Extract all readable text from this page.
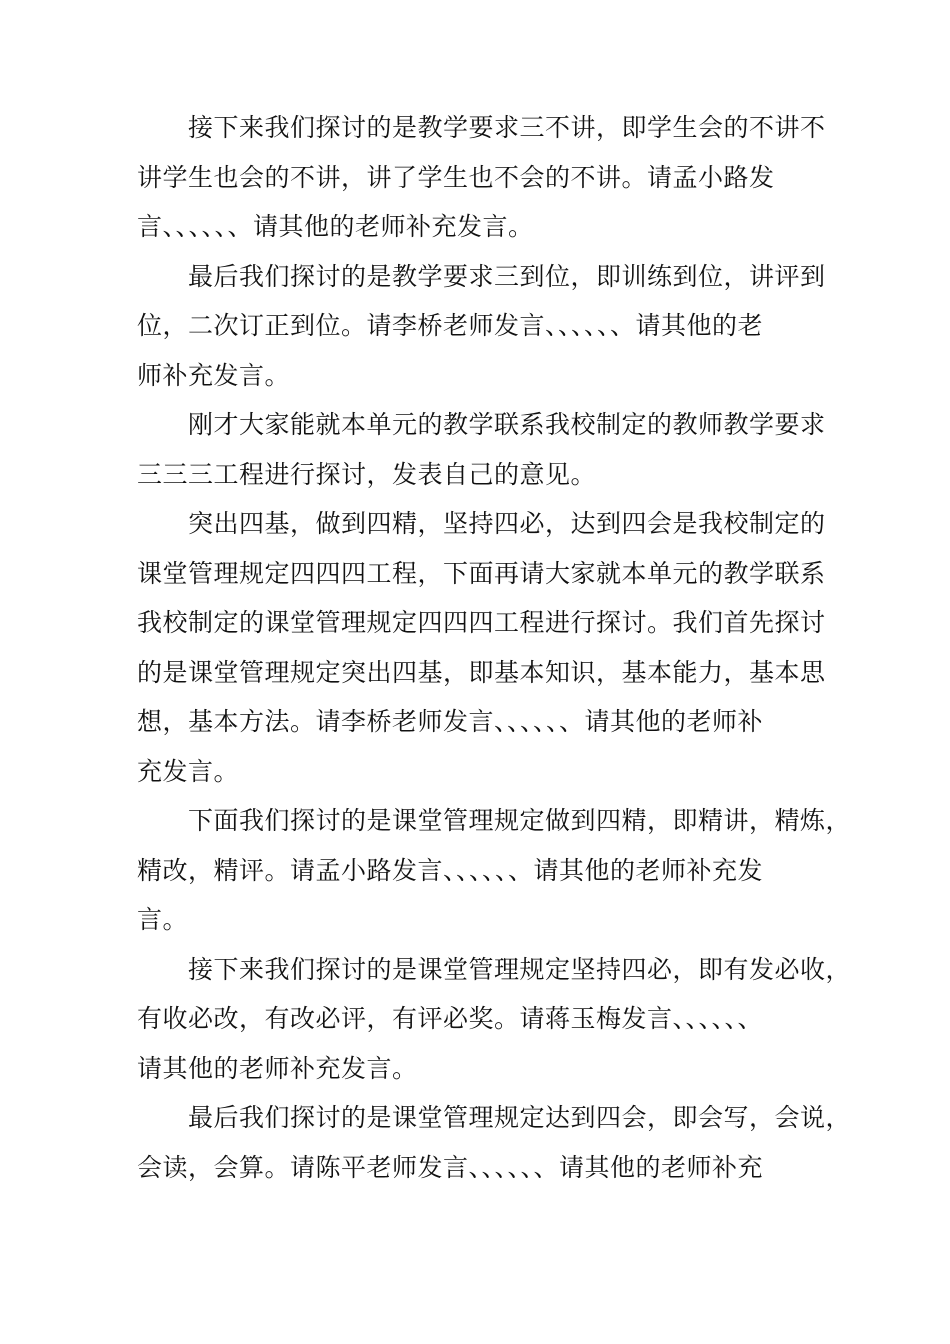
接下来我们探讨的是教学要求三不讲，即学生会的不讲不
讲学生也会的不讲，讲了学生也不会的不讲。请孟小路发
言、、、、、、请其他的老师补充发言。

最后我们探讨的是教学要求三到位，即训练到位，讲评到
位，二次订正到位。请李桥老师发言、、、、、、请其他的老
师补充发言。

刚才大家能就本单元的教学联系我校制定的教师教学要求
三三三工程进行探讨，发表自己的意见。

突出四基，做到四精，坚持四必，达到四会是我校制定的
课堂管理规定四四四工程，下面再请大家就本单元的教学联系
我校制定的课堂管理规定四四四工程进行探讨。我们首先探讨
的是课堂管理规定突出四基，即基本知识，基本能力，基本思
想，基本方法。请李桥老师发言、、、、、、请其他的老师补
充发言。

下面我们探讨的是课堂管理规定做到四精，即精讲，精炼，
精改，精评。请孟小路发言、、、、、、请其他的老师补充发
言。

接下来我们探讨的是课堂管理规定坚持四必，即有发必收，
有收必改，有改必评，有评必奖。请蒋玉梅发言、、、、、、
请其他的老师补充发言。

最后我们探讨的是课堂管理规定达到四会，即会写，会说，
会读，会算。请陈平老师发言、、、、、、请其他的老师补充
